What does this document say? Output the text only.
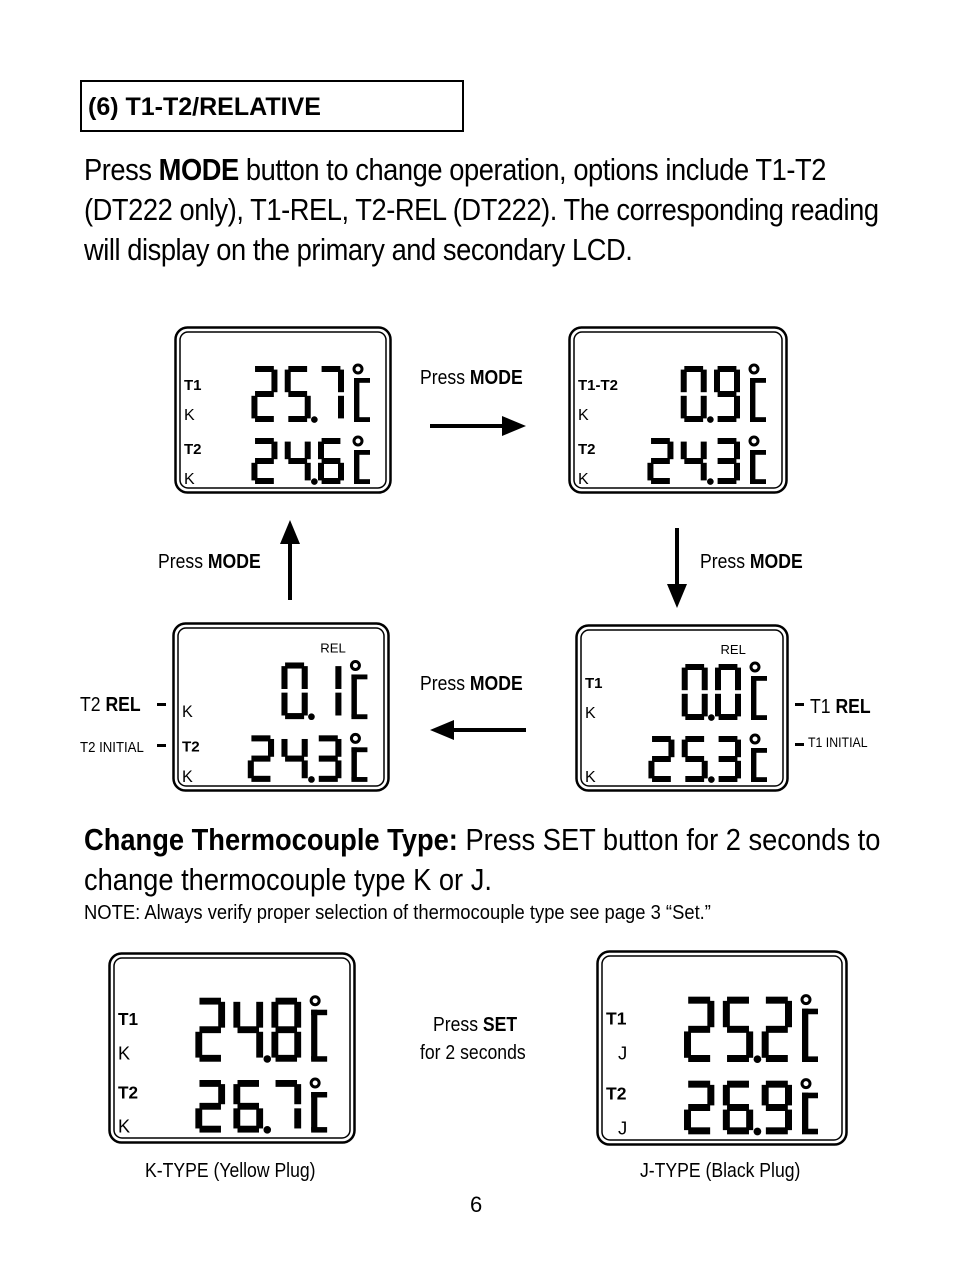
(6) T1-T2/RELATIVE
Press MODE button to change operation, options include T1-T2 (DT222 only), T1-REL, T2-REL (DT222). The corresponding reading will display on the primary and secondary LCD.
T1
K
T2
K
T1-T2
K
T2
K
REL
K
T2
K
REL
T1
K
K
T1
K
T2
K
T1
J
T2
J
Press MODE
Press MODE
Press MODE
Press MODE
T2 REL
T2 INITIAL
T1 REL
T1 INITIAL
Change Thermocouple Type: Press SET button for 2 seconds to change thermocouple type K or J.
NOTE: Always verify proper selection of thermocouple type see page 3 “Set.”
Press SET
for 2 seconds
K-TYPE (Yellow Plug)	J-TYPE (Black Plug)
6
